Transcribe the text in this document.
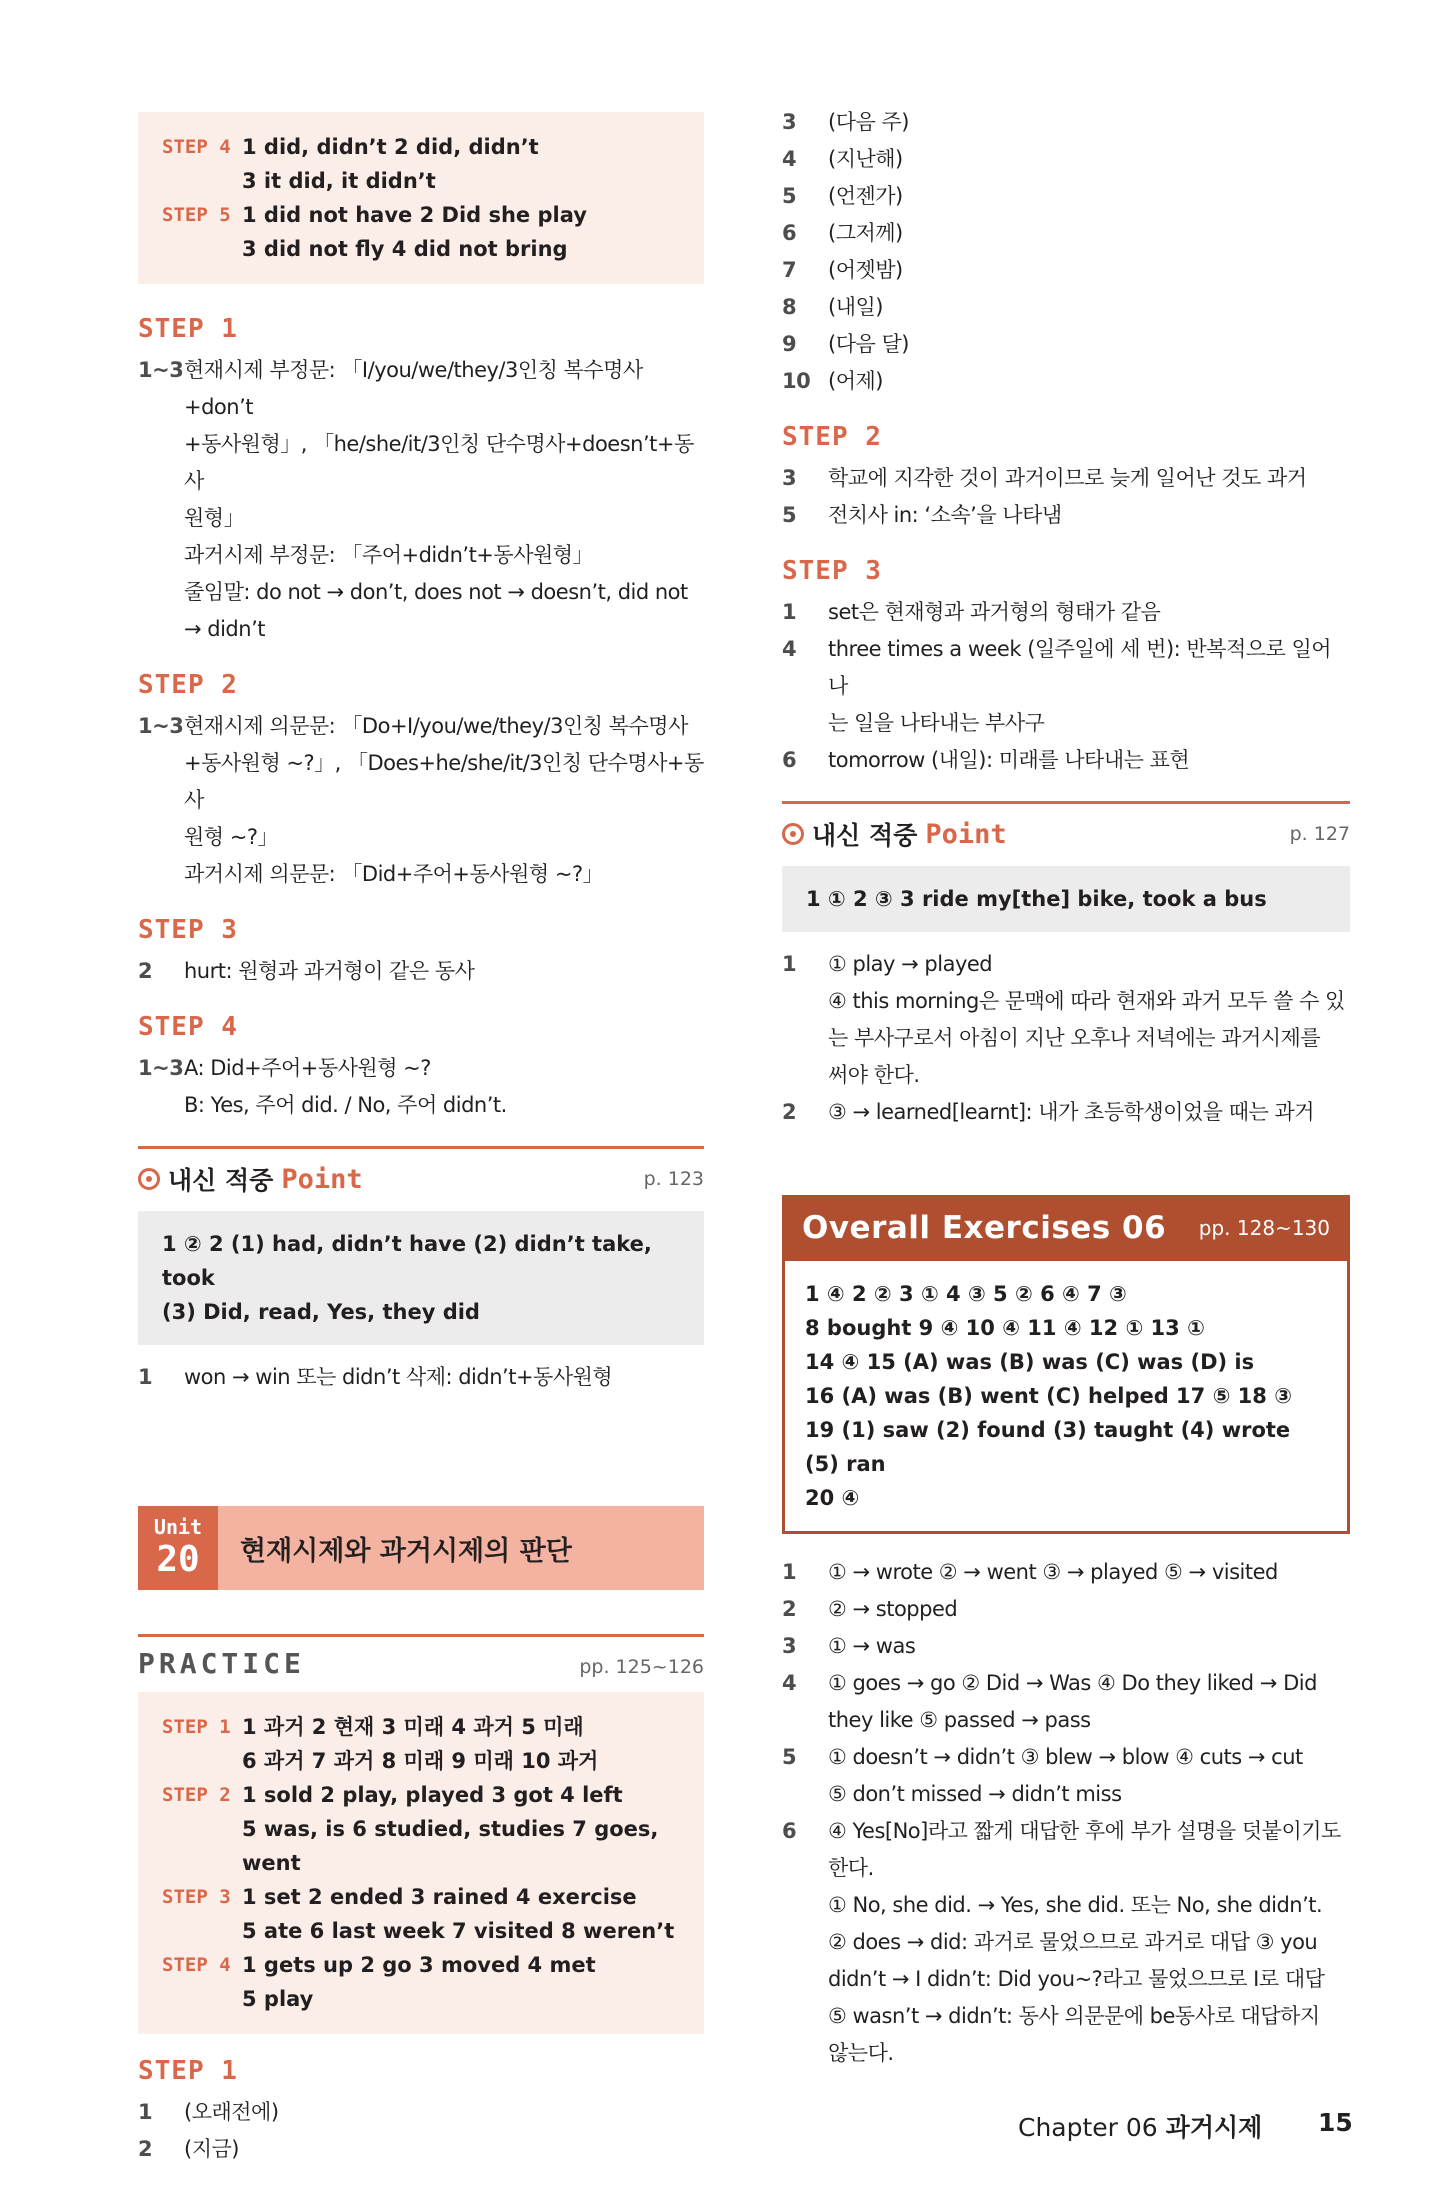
STEP 4 1 did, didn’t 2 did, didn’t
3 it did, it didn’t
STEP 5 1 did not have 2 Did she play
3 did not fly 4 did not bring
STEP 1
1~3 현재시제 부정문: 「I/you/we/they/3인칭 복수명사+don’t
+동사원형」, 「he/she/it/3인칭 단수명사+doesn’t+동사
원형」
과거시제 부정문: 「주어+didn’t+동사원형」
줄임말: do not → don’t, does not → doesn’t, did not
→ didn’t
STEP 2
1~3 현재시제 의문문: 「Do+I/you/we/they/3인칭 복수명사
+동사원형 ~?」, 「Does+he/she/it/3인칭 단수명사+동사
원형 ~?」
과거시제 의문문: 「Did+주어+동사원형 ~?」
STEP 3
2	hurt: 원형과 과거형이 같은 동사
STEP 4
1~3 A: Did+주어+동사원형 ~?
B: Yes, 주어 did. / No, 주어 didn’t.
내신 적중 Point	p. 123
1 ② 2 (1) had, didn’t have (2) didn’t take, took
(3) Did, read, Yes, they did
1	won → win 또는 didn’t 삭제: didn’t+동사원형
Unit
20	현재시제와 과거시제의 판단
PRACTICE	pp. 125~126
STEP 1 1 과거 2 현재 3 미래 4 과거 5 미래
6 과거 7 과거 8 미래 9 미래 10 과거
STEP 2 1 sold 2 play, played 3 got 4 left
5 was, is 6 studied, studies 7 goes,
went
STEP 3 1 set 2 ended 3 rained 4 exercise
5 ate 6 last week 7 visited 8 weren’t
STEP 4 1 gets up 2 go 3 moved 4 met
5 play
STEP 1
1	(오래전에)
2	(지금)
3	(다음 주)
4	(지난해)
5	(언젠가)
6	(그저께)
7	(어젯밤)
8	(내일)
9	(다음 달)
10 (어제)
STEP 2
3	학교에 지각한 것이 과거이므로 늦게 일어난 것도 과거
5	전치사 in: ‘소속’을 나타냄
STEP 3
1	set은 현재형과 과거형의 형태가 같음
4	three times a week (일주일에 세 번): 반복적으로 일어나
는 일을 나타내는 부사구
6	tomorrow (내일): 미래를 나타내는 표현
내신 적중 Point	p. 127
1 ① 2 ③ 3 ride my[the] bike, took a bus
1	① play → played
④ this morning은 문맥에 따라 현재와 과거 모두 쓸 수 있
는 부사구로서 아침이 지난 오후나 저녁에는 과거시제를
써야 한다.
2	③ → learned[learnt]: 내가 초등학생이었을 때는 과거
Overall Exercises 06 pp. 128~130
1 ④ 2 ② 3 ① 4 ③ 5 ② 6 ④ 7 ③
8 bought 9 ④ 10 ④ 11 ④ 12 ① 13 ①
14 ④ 15 (A) was (B) was (C) was (D) is
16 (A) was (B) went (C) helped 17 ⑤ 18 ③
19 (1) saw (2) found (3) taught (4) wrote (5) ran
20 ④
1	① → wrote ② → went ③ → played ⑤ → visited
2	② → stopped
3	① → was
4	① goes → go ② Did → Was ④ Do they liked → Did
they like ⑤ passed → pass
5	① doesn’t → didn’t ③ blew → blow ④ cuts → cut
⑤ don’t missed → didn’t miss
6	④ Yes[No]라고 짧게 대답한 후에 부가 설명을 덧붙이기도
한다.
① No, she did. → Yes, she did. 또는 No, she didn’t.
② does → did: 과거로 물었으므로 과거로 대답 ③ you
didn’t → I didn’t: Did you~?라고 물었으므로 I로 대답
⑤ wasn’t → didn’t: 동사 의문문에 be동사로 대답하지
않는다.
Chapter 06 과거시제 15
